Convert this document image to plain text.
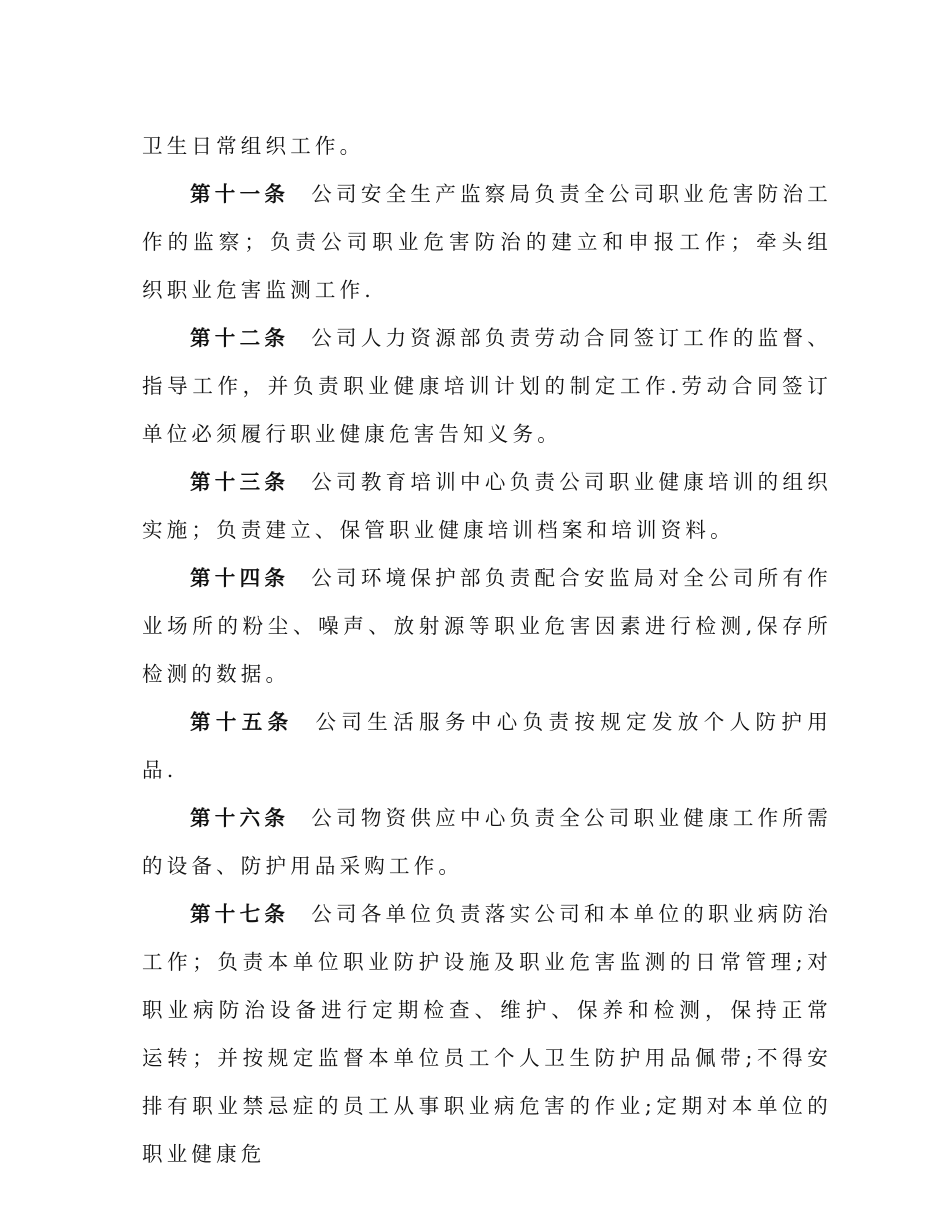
卫生日常组织工作。

第十一条 公司安全生产监察局负责全公司职业危害防治工作的监察；负责公司职业危害防治的建立和申报工作；牵头组织职业危害监测工作.

第十二条 公司人力资源部负责劳动合同签订工作的监督、指导工作，并负责职业健康培训计划的制定工作.劳动合同签订单位必须履行职业健康危害告知义务。

第十三条 公司教育培训中心负责公司职业健康培训的组织实施；负责建立、保管职业健康培训档案和培训资料。

第十四条 公司环境保护部负责配合安监局对全公司所有作业场所的粉尘、噪声、放射源等职业危害因素进行检测,保存所检测的数据。

第十五条 公司生活服务中心负责按规定发放个人防护用品.

第十六条 公司物资供应中心负责全公司职业健康工作所需的设备、防护用品采购工作。

第十七条 公司各单位负责落实公司和本单位的职业病防治工作；负责本单位职业防护设施及职业危害监测的日常管理;对职业病防治设备进行定期检查、维护、保养和检测，保持正常运转；并按规定监督本单位员工个人卫生防护用品佩带;不得安排有职业禁忌症的员工从事职业病危害的作业;定期对本单位的职业健康危
